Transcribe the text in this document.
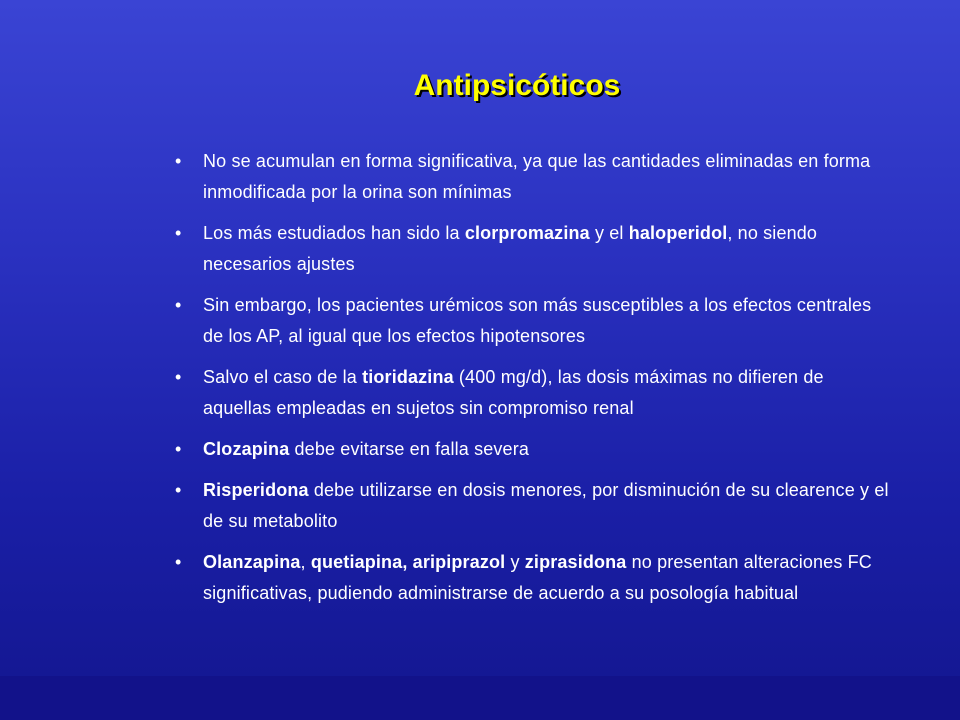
Antipsicóticos
•	No se acumulan en forma significativa, ya que las cantidades eliminadas en forma inmodificada por la orina son mínimas
•	Los más estudiados han sido la clorpromazina y el haloperidol, no siendo necesarios ajustes
•	Sin embargo, los pacientes urémicos son más susceptibles a los efectos centrales de los AP, al igual que los efectos hipotensores
•	Salvo el caso de la tioridazina (400 mg/d), las dosis máximas no difieren de aquellas empleadas en sujetos sin compromiso renal
•	Clozapina debe evitarse en falla severa
•	Risperidona debe utilizarse en dosis menores, por disminución de su clearence y el de su metabolito
•	Olanzapina, quetiapina, aripiprazol y ziprasidona no presentan alteraciones FC significativas, pudiendo administrarse de acuerdo a su posología habitual
